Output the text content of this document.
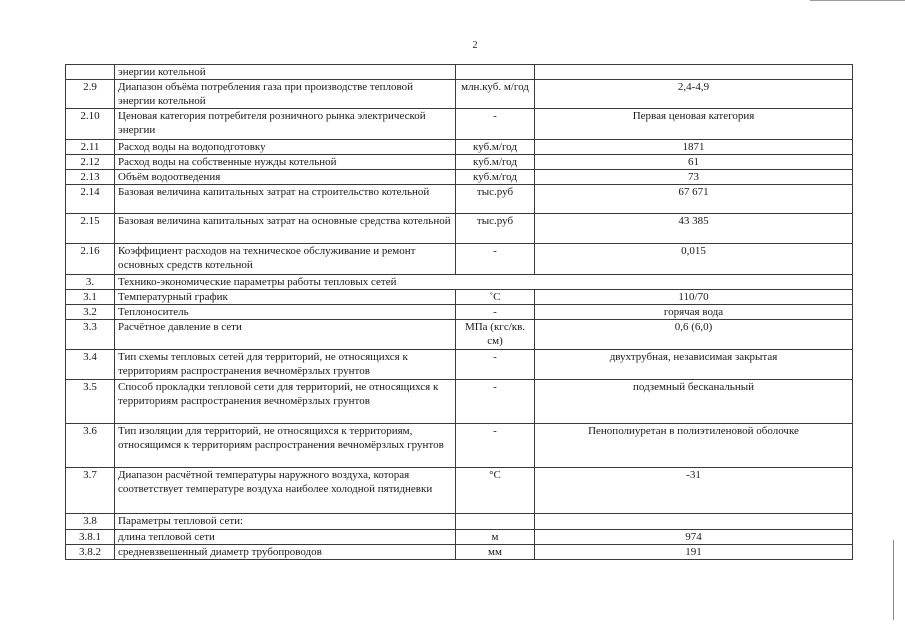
2
	энергии котельной		
2.9	Диапазон объёма потребления газа при производстве тепловой энергии котельной	млн.куб. м/год	2,4-4,9
2.10	Ценовая категория потребителя розничного рынка электрической энергии	-	Первая ценовая категория
2.11	Расход воды на водоподготовку	куб.м/год	1871
2.12	Расход воды на собственные нужды котельной	куб.м/год	61
2.13	Объём водоотведения	куб.м/год	73
2.14	Базовая величина капитальных затрат на строительство котельной	тыс.руб	67 671
2.15	Базовая величина капитальных затрат на основные средства котельной	тыс.руб	43 385
2.16	Коэффициент расходов на техническое обслуживание и ремонт основных средств котельной	-	0,015
3.	Технико-экономические параметры работы тепловых сетей		
3.1	Температурный график	˚С	110/70
3.2	Теплоноситель	-	горячая вода
3.3	Расчётное давление в сети	МПа (кгс/кв. см)	0,6 (6,0)
3.4	Тип схемы тепловых сетей для территорий, не относящихся к территориям распространения вечномёрзлых грунтов	-	двухтрубная, независимая закрытая
3.5	Способ прокладки тепловой сети для территорий, не относящихся к территориям распространения вечномёрзлых грунтов	-	подземный бесканальный
3.6	Тип изоляции для территорий, не относящихся к территориям, относящимся к территориям распространения вечномёрзлых грунтов	-	Пенополиуретан в полиэтиленовой оболочке
3.7	Диапазон расчётной температуры наружного воздуха, которая соответствует температуре воздуха наиболее холодной пятидневки	°С	-31
3.8	Параметры тепловой сети:		
3.8.1	длина тепловой сети	м	974
3.8.2	средневзвешенный диаметр трубопроводов	мм	191
